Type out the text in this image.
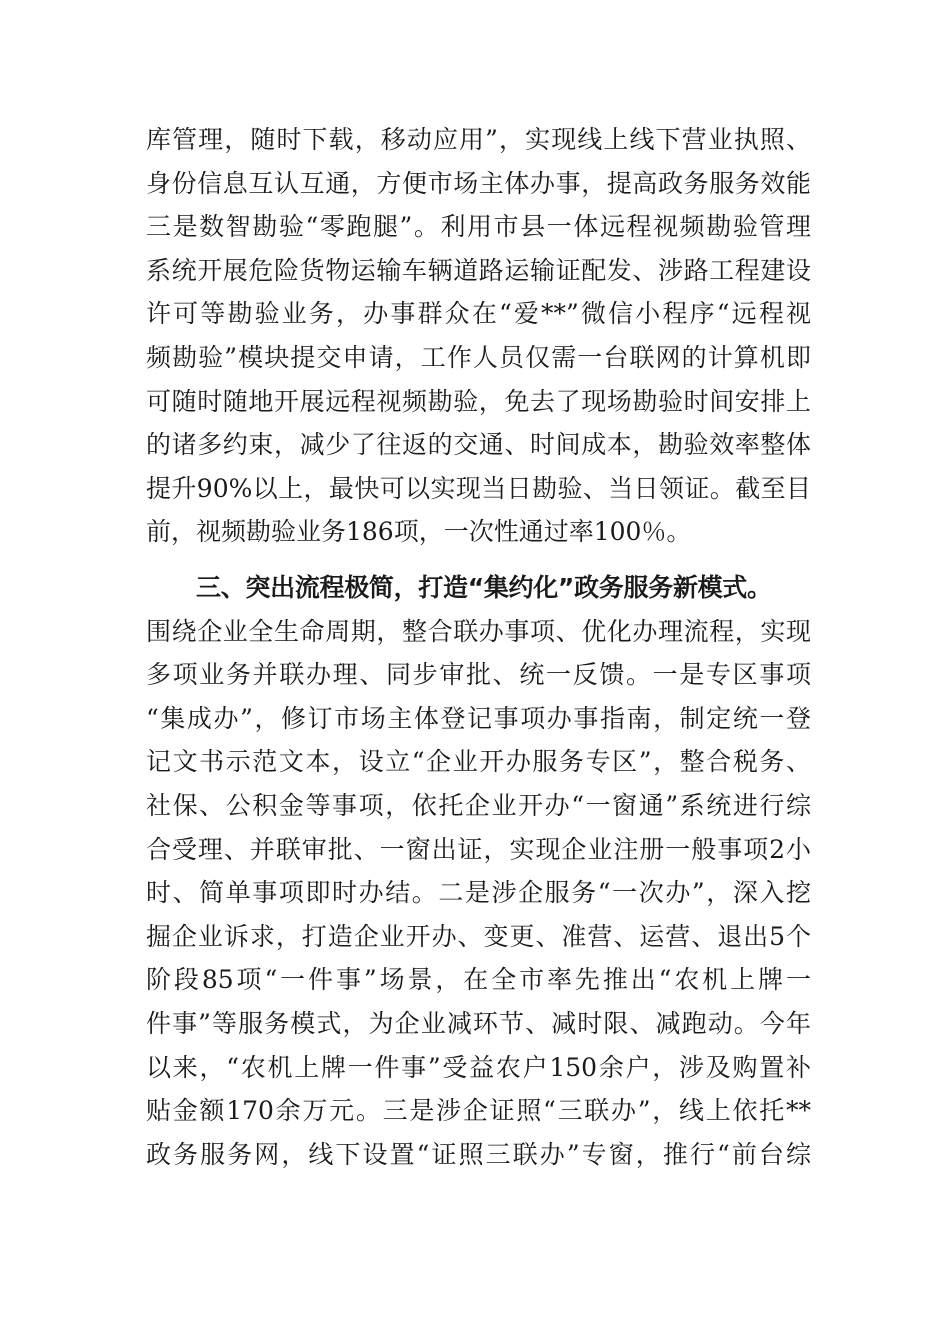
库管理，随时下载，移动应用”，实现线上线下营业执照、
身份信息互认互通，方便市场主体办事，提高政务服务效能
三是数智勘验“零跑腿”。利用市县一体远程视频勘验管理
系统开展危险货物运输车辆道路运输证配发、涉路工程建设
许可等勘验业务，办事群众在“爱**”微信小程序“远程视
频勘验”模块提交申请，工作人员仅需一台联网的计算机即
可随时随地开展远程视频勘验，免去了现场勘验时间安排上
的诸多约束，减少了往返的交通、时间成本，勘验效率整体
提升90%以上，最快可以实现当日勘验、当日领证。截至目
前，视频勘验业务186项，一次性通过率100％。
三、突出流程极简，打造“集约化”政务服务新模式。
围绕企业全生命周期，整合联办事项、优化办理流程，实现
多项业务并联办理、同步审批、统一反馈。一是专区事项
“集成办”，修订市场主体登记事项办事指南，制定统一登
记文书示范文本，设立“企业开办服务专区”，整合税务、
社保、公积金等事项，依托企业开办“一窗通”系统进行综
合受理、并联审批、一窗出证，实现企业注册一般事项2小
时、简单事项即时办结。二是涉企服务“一次办”，深入挖
掘企业诉求，打造企业开办、变更、准营、运营、退出5个
阶段85项“一件事”场景，在全市率先推出“农机上牌一
件事”等服务模式，为企业减环节、减时限、减跑动。今年
以来，“农机上牌一件事”受益农户150余户，涉及购置补
贴金额170余万元。三是涉企证照“三联办”，线上依托**
政务服务网，线下设置“证照三联办”专窗，推行“前台综
